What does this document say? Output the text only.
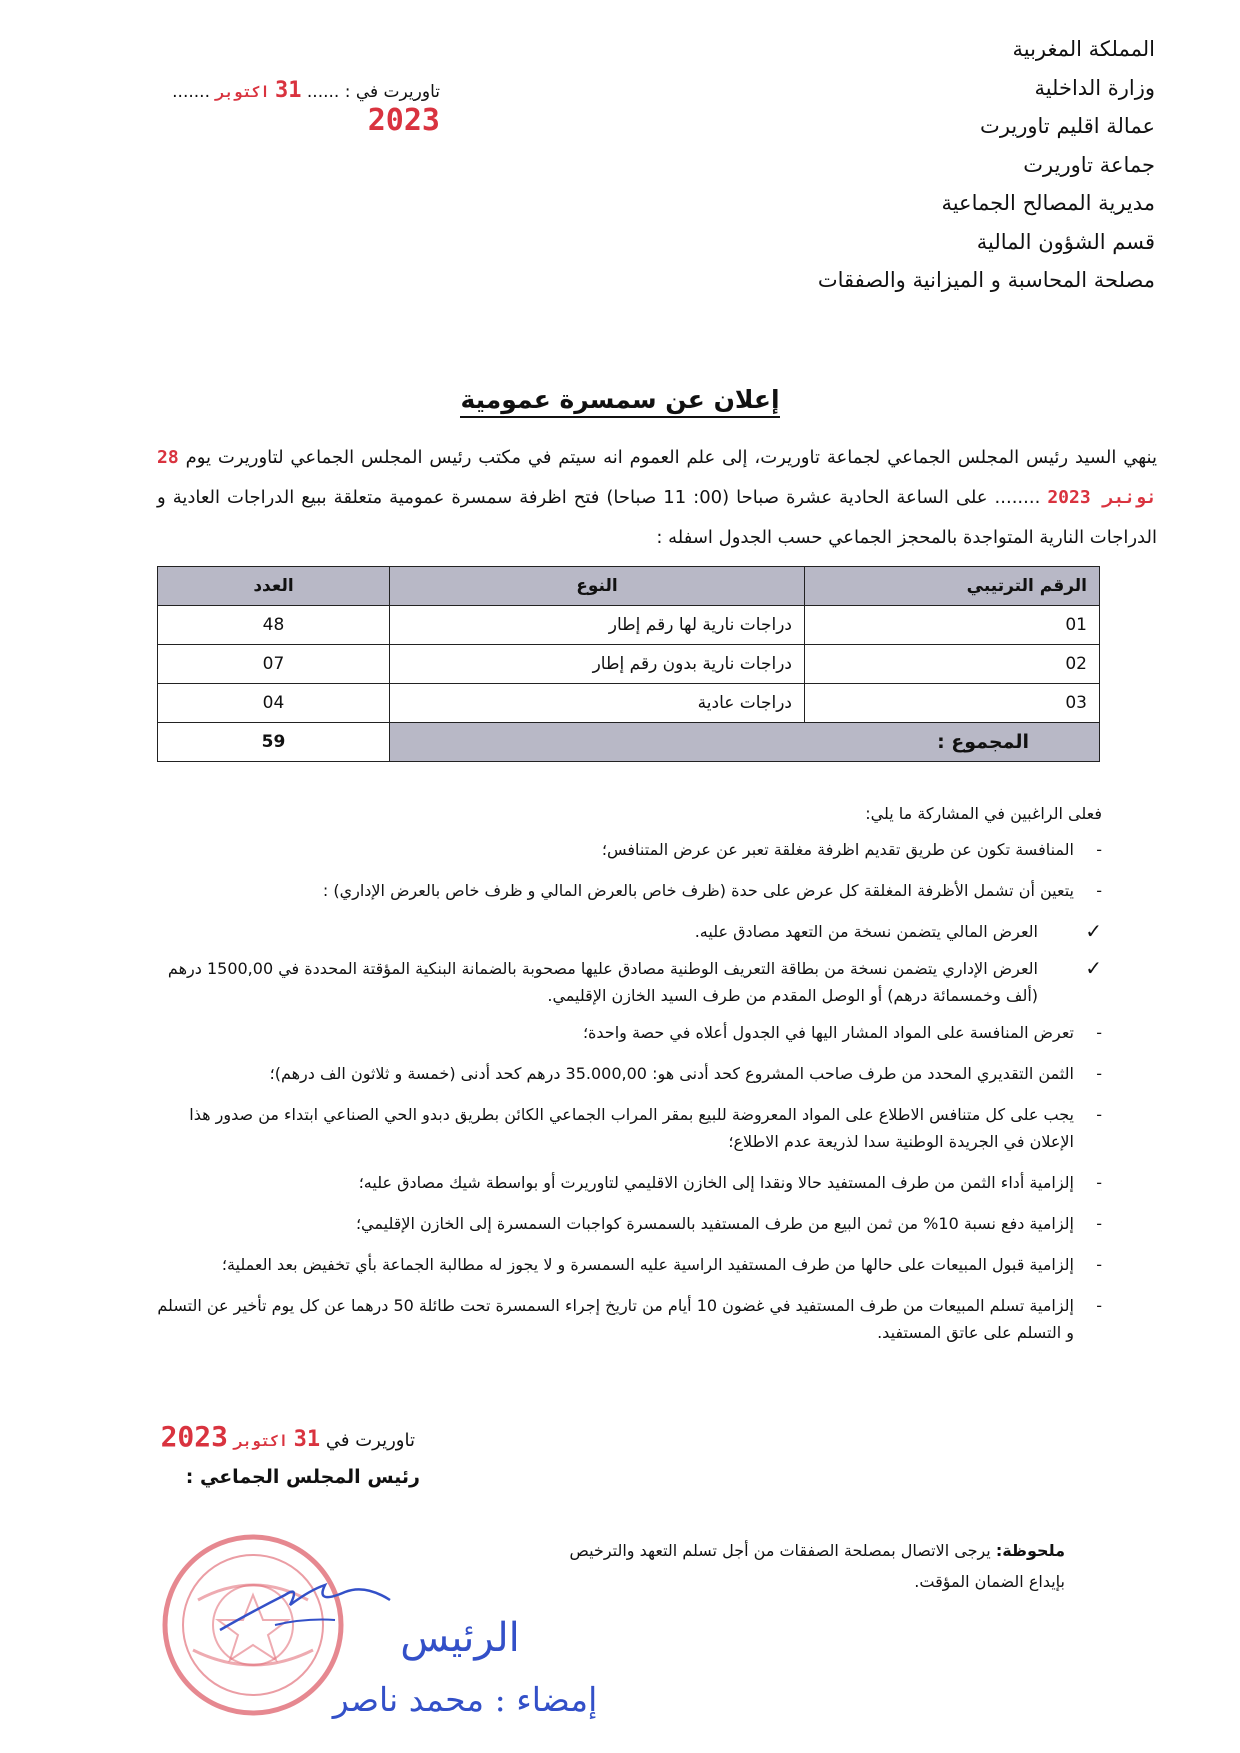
المملكة المغربية
وزارة الداخلية
عمالة اقليم تاوريرت
جماعة تاوريرت
مديرية المصالح الجماعية
قسم الشؤون المالية
مصلحة المحاسبة و الميزانية والصفقات
تاوريرت في : ...... 31 اكتوبر ....... 2023
إعلان عن سمسرة عمومية
ينهي السيد رئيس المجلس الجماعي لجماعة تاوريرت، إلى علم العموم انه سيتم في مكتب رئيس المجلس الجماعي لتاوريرت يوم 28 نونبر 2023 ........ على الساعة الحادية عشرة صباحا (00: 11 صباحا) فتح اظرفة سمسرة عمومية متعلقة ببيع الدراجات العادية و الدراجات النارية المتواجدة بالمحجز الجماعي حسب الجدول اسفله :
الرقم الترتيبي	النوع	العدد
01	دراجات نارية لها رقم إطار	48
02	دراجات نارية بدون رقم إطار	07
03	دراجات عادية	04
المجموع :		59
فعلى الراغبين في المشاركة ما يلي:
- المنافسة تكون عن طريق تقديم اظرفة مغلقة تعبر عن عرض المتنافس؛
- يتعين أن تشمل الأظرفة المغلقة كل عرض على حدة (ظرف خاص بالعرض المالي و ظرف خاص بالعرض الإداري) :
✓
العرض المالي يتضمن نسخة من التعهد مصادق عليه.
✓
العرض الإداري يتضمن نسخة من بطاقة التعريف الوطنية مصادق عليها مصحوبة بالضمانة البنكية المؤقتة المحددة في 1500,00 درهم (ألف وخمسمائة درهم) أو الوصل المقدم من طرف السيد الخازن الإقليمي.
- تعرض المنافسة على المواد المشار اليها في الجدول أعلاه في حصة واحدة؛
- الثمن التقديري المحدد من طرف صاحب المشروع كحد أدنى هو: 35.000,00 درهم كحد أدنى (خمسة و ثلاثون الف درهم)؛
- يجب على كل متنافس الاطلاع على المواد المعروضة للبيع بمقر المراب الجماعي الكائن بطريق دبدو الحي الصناعي ابتداء من صدور هذا الإعلان في الجريدة الوطنية سدا لذريعة عدم الاطلاع؛
- إلزامية أداء الثمن من طرف المستفيد حالا ونقدا إلى الخازن الاقليمي لتاوريرت أو بواسطة شيك مصادق عليه؛
- إلزامية دفع نسبة 10% من ثمن البيع من طرف المستفيد بالسمسرة كواجبات السمسرة إلى الخازن الإقليمي؛
- إلزامية قبول المبيعات على حالها من طرف المستفيد الراسية عليه السمسرة و لا يجوز له مطالبة الجماعة بأي تخفيض بعد العملية؛
- إلزامية تسلم المبيعات من طرف المستفيد في غضون 10 أيام من تاريخ إجراء السمسرة تحت طائلة 50 درهما عن كل يوم تأخير عن التسلم و التسلم على عاتق المستفيد.
تاوريرت في 31 اكتوبر 2023
رئيس المجلس الجماعي :
ملحوظة: يرجى الاتصال بمصلحة الصفقات من أجل تسلم التعهد والترخيص بإيداع الضمان المؤقت.
الرئيس
إمضاء : محمد ناصر
